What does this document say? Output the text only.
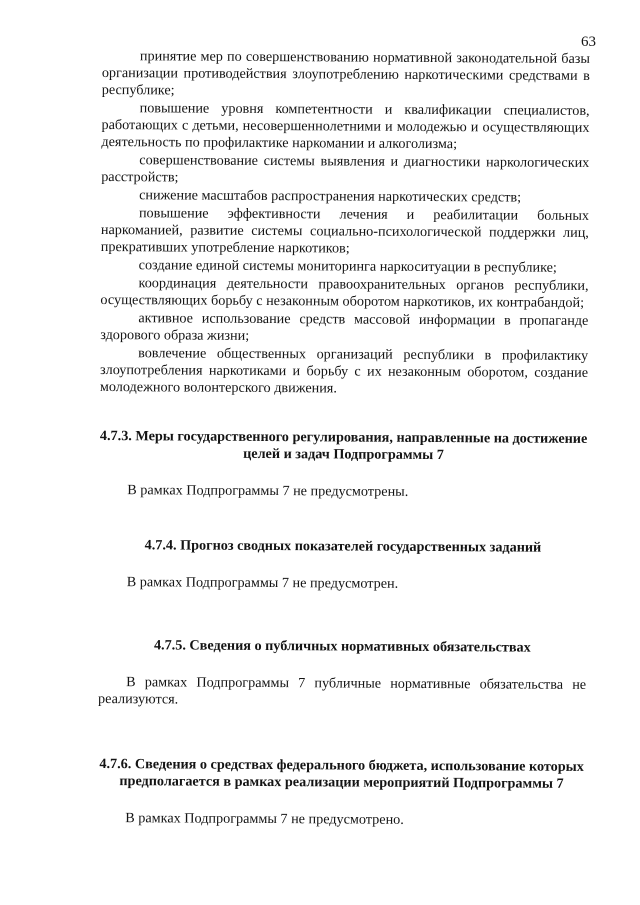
63

принятие мер по совершенствованию нормативной законодательной базы организации противодействия злоупотреблению наркотическими средствами в республике;

повышение уровня компетентности и квалификации специалистов, работающих с детьми, несовершеннолетними и молодежью и осуществляющих деятельность по профилактике наркомании и алкоголизма;

совершенствование системы выявления и диагностики наркологических расстройств;

снижение масштабов распространения наркотических средств;

повышение эффективности лечения и реабилитации больных наркоманией, развитие системы социально-психологической поддержки лиц, прекративших употребление наркотиков;

создание единой системы мониторинга наркоситуации в республике;

координация деятельности правоохранительных органов республики, осуществляющих борьбу с незаконным оборотом наркотиков, их контрабандой;

активное использование средств массовой информации в пропаганде здорового образа жизни;

вовлечение общественных организаций республики в профилактику злоупотребления наркотиками и борьбу с их незаконным оборотом, создание молодежного волонтерского движения.

4.7.3. Меры государственного регулирования, направленные на достижение целей и задач Подпрограммы 7

В рамках Подпрограммы 7 не предусмотрены.

4.7.4. Прогноз сводных показателей государственных заданий

В рамках Подпрограммы 7 не предусмотрен.

4.7.5. Сведения о публичных нормативных обязательствах

В рамках Подпрограммы 7 публичные нормативные обязательства не реализуются.

4.7.6. Сведения о средствах федерального бюджета, использование которых предполагается в рамках реализации мероприятий Подпрограммы 7

В рамках Подпрограммы 7 не предусмотрено.
